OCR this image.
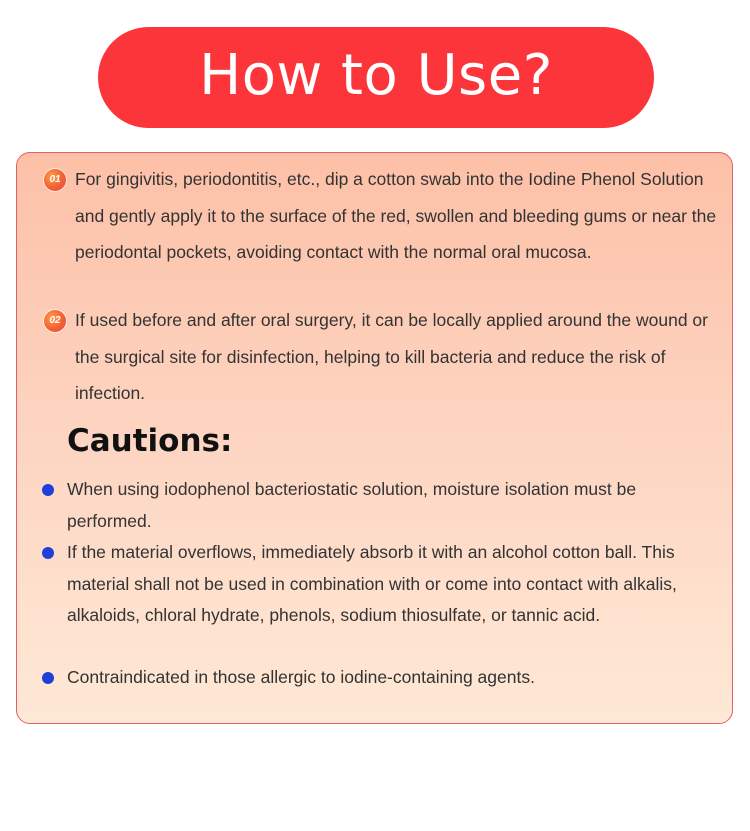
How to Use?
01 For gingivitis, periodontitis, etc., dip a cotton swab into the Iodine Phenol Solution and gently apply it to the surface of the red, swollen and bleeding gums or near the periodontal pockets, avoiding contact with the normal oral mucosa.
02 If used before and after oral surgery, it can be locally applied around the wound or the surgical site for disinfection, helping to kill bacteria and reduce the risk of infection.
Cautions:
When using iodophenol bacteriostatic solution, moisture isolation must be performed.
If the material overflows, immediately absorb it with an alcohol cotton ball. This material shall not be used in combination with or come into contact with alkalis, alkaloids, chloral hydrate, phenols, sodium thiosulfate, or tannic acid.
Contraindicated in those allergic to iodine-containing agents.
